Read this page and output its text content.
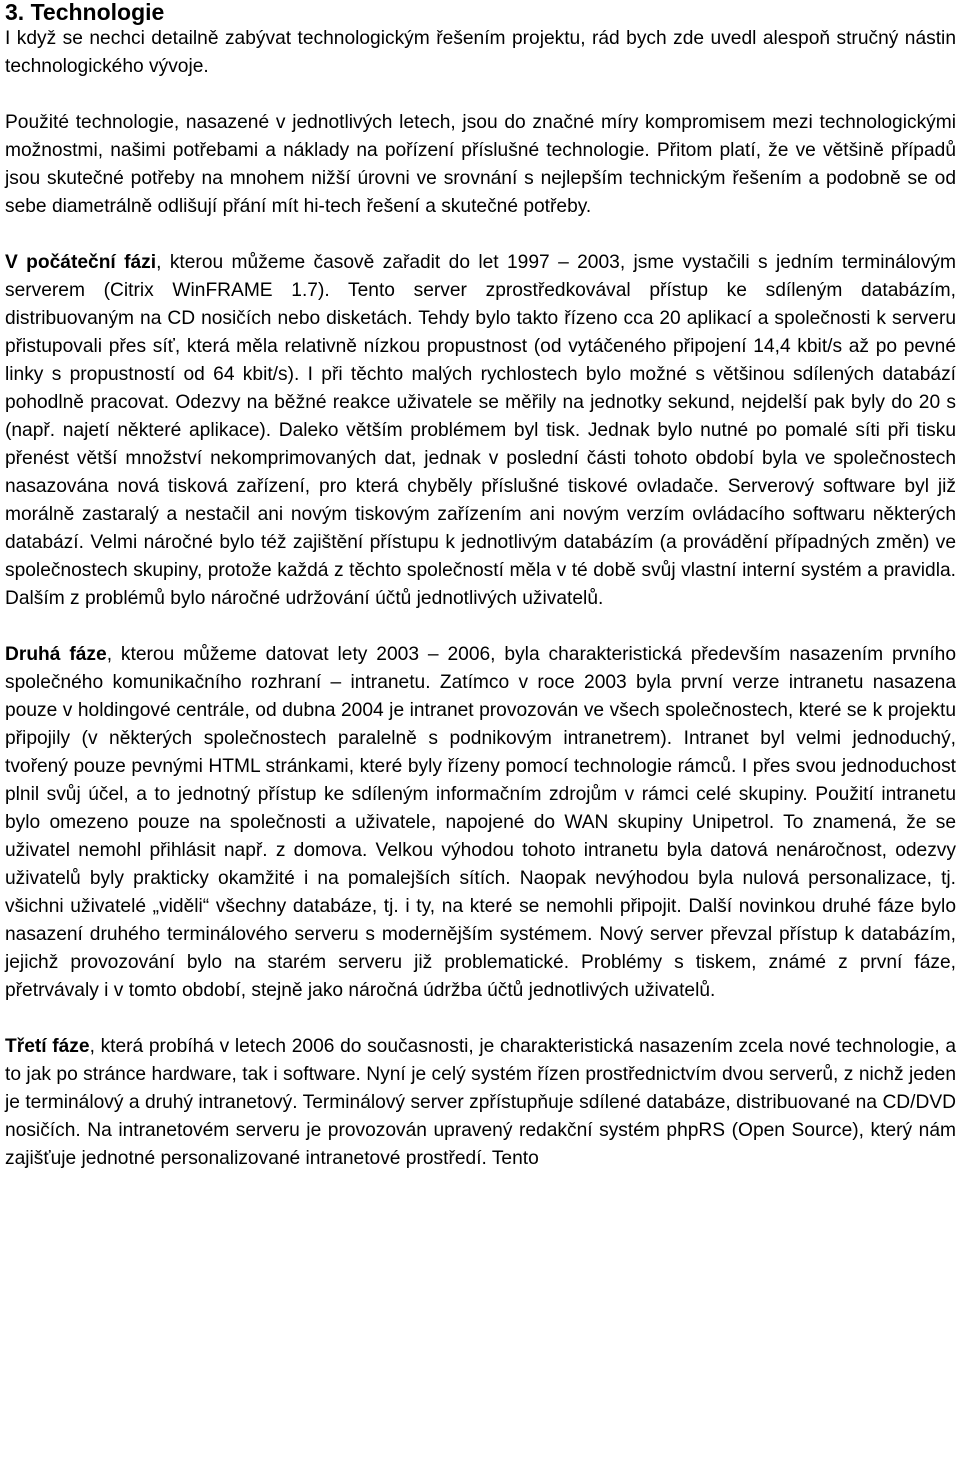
3. Technologie

I když se nechci detailně zabývat technologickým řešením projektu, rád bych zde uvedl alespoň stručný nástin technologického vývoje.

Použité technologie, nasazené v jednotlivých letech, jsou do značné míry kompromisem mezi technologickými možnostmi, našimi potřebami a náklady na pořízení příslušné technologie. Přitom platí, že ve většině případů jsou skutečné potřeby na mnohem nižší úrovni ve srovnání s nejlepším technickým řešením a podobně se od sebe diametrálně odlišují přání mít hi-tech řešení a skutečné potřeby.

V počáteční fázi, kterou můžeme časově zařadit do let 1997 – 2003, jsme vystačili s jedním terminálovým serverem (Citrix WinFRAME 1.7). Tento server zprostředkovával přístup ke sdíleným databázím, distribuovaným na CD nosičích nebo disketách. Tehdy bylo takto řízeno cca 20 aplikací a společnosti k serveru přistupovali přes síť, která měla relativně nízkou propustnost (od vytáčeného připojení 14,4 kbit/s až po pevné linky s propustností od 64 kbit/s). I při těchto malých rychlostech bylo možné s většinou sdílených databází pohodlně pracovat. Odezvy na běžné reakce uživatele se měřily na jednotky sekund, nejdelší pak byly do 20 s (např. najetí některé aplikace). Daleko větším problémem byl tisk. Jednak bylo nutné po pomalé síti při tisku přenést větší množství nekomprimovaných dat, jednak v poslední části tohoto období byla ve společnostech nasazována nová tisková zařízení, pro která chyběly příslušné tiskové ovladače. Serverový software byl již morálně zastaralý a nestačil ani novým tiskovým zařízením ani novým verzím ovládacího softwaru některých databází. Velmi náročné bylo též zajištění přístupu k jednotlivým databázím (a provádění případných změn) ve společnostech skupiny, protože každá z těchto společností měla v té době svůj vlastní interní systém a pravidla. Dalším z problémů bylo náročné udržování účtů jednotlivých uživatelů.

Druhá fáze, kterou můžeme datovat lety 2003 – 2006, byla charakteristická především nasazením prvního společného komunikačního rozhraní – intranetu. Zatímco v roce 2003 byla první verze intranetu nasazena pouze v holdingové centrále, od dubna 2004 je intranet provozován ve všech společnostech, které se k projektu připojily (v některých společnostech paralelně s podnikovým intranetrem). Intranet byl velmi jednoduchý, tvořený pouze pevnými HTML stránkami, které byly řízeny pomocí technologie rámců. I přes svou jednoduchost plnil svůj účel, a to jednotný přístup ke sdíleným informačním zdrojům v rámci celé skupiny. Použití intranetu bylo omezeno pouze na společnosti a uživatele, napojené do WAN skupiny Unipetrol. To znamená, že se uživatel nemohl přihlásit např. z domova. Velkou výhodou tohoto intranetu byla datová nenáročnost, odezvy uživatelů byly prakticky okamžité i na pomalejších sítích. Naopak nevýhodou byla nulová personalizace, tj. všichni uživatelé „viděli“ všechny databáze, tj. i ty, na které se nemohli připojit. Další novinkou druhé fáze bylo nasazení druhého terminálového serveru s modernějším systémem. Nový server převzal přístup k databázím, jejichž provozování bylo na starém serveru již problematické. Problémy s tiskem, známé z první fáze, přetrvávaly i v tomto období, stejně jako náročná údržba účtů jednotlivých uživatelů.

Třetí fáze, která probíhá v letech 2006 do současnosti, je charakteristická nasazením zcela nové technologie, a to jak po stránce hardware, tak i software. Nyní je celý systém řízen prostřednictvím dvou serverů, z nichž jeden je terminálový a druhý intranetový. Terminálový server zpřístupňuje sdílené databáze, distribuované na CD/DVD nosičích. Na intranetovém serveru je provozován upravený redakční systém phpRS (Open Source), který nám zajišťuje jednotné personalizované intranetové prostředí. Tento
